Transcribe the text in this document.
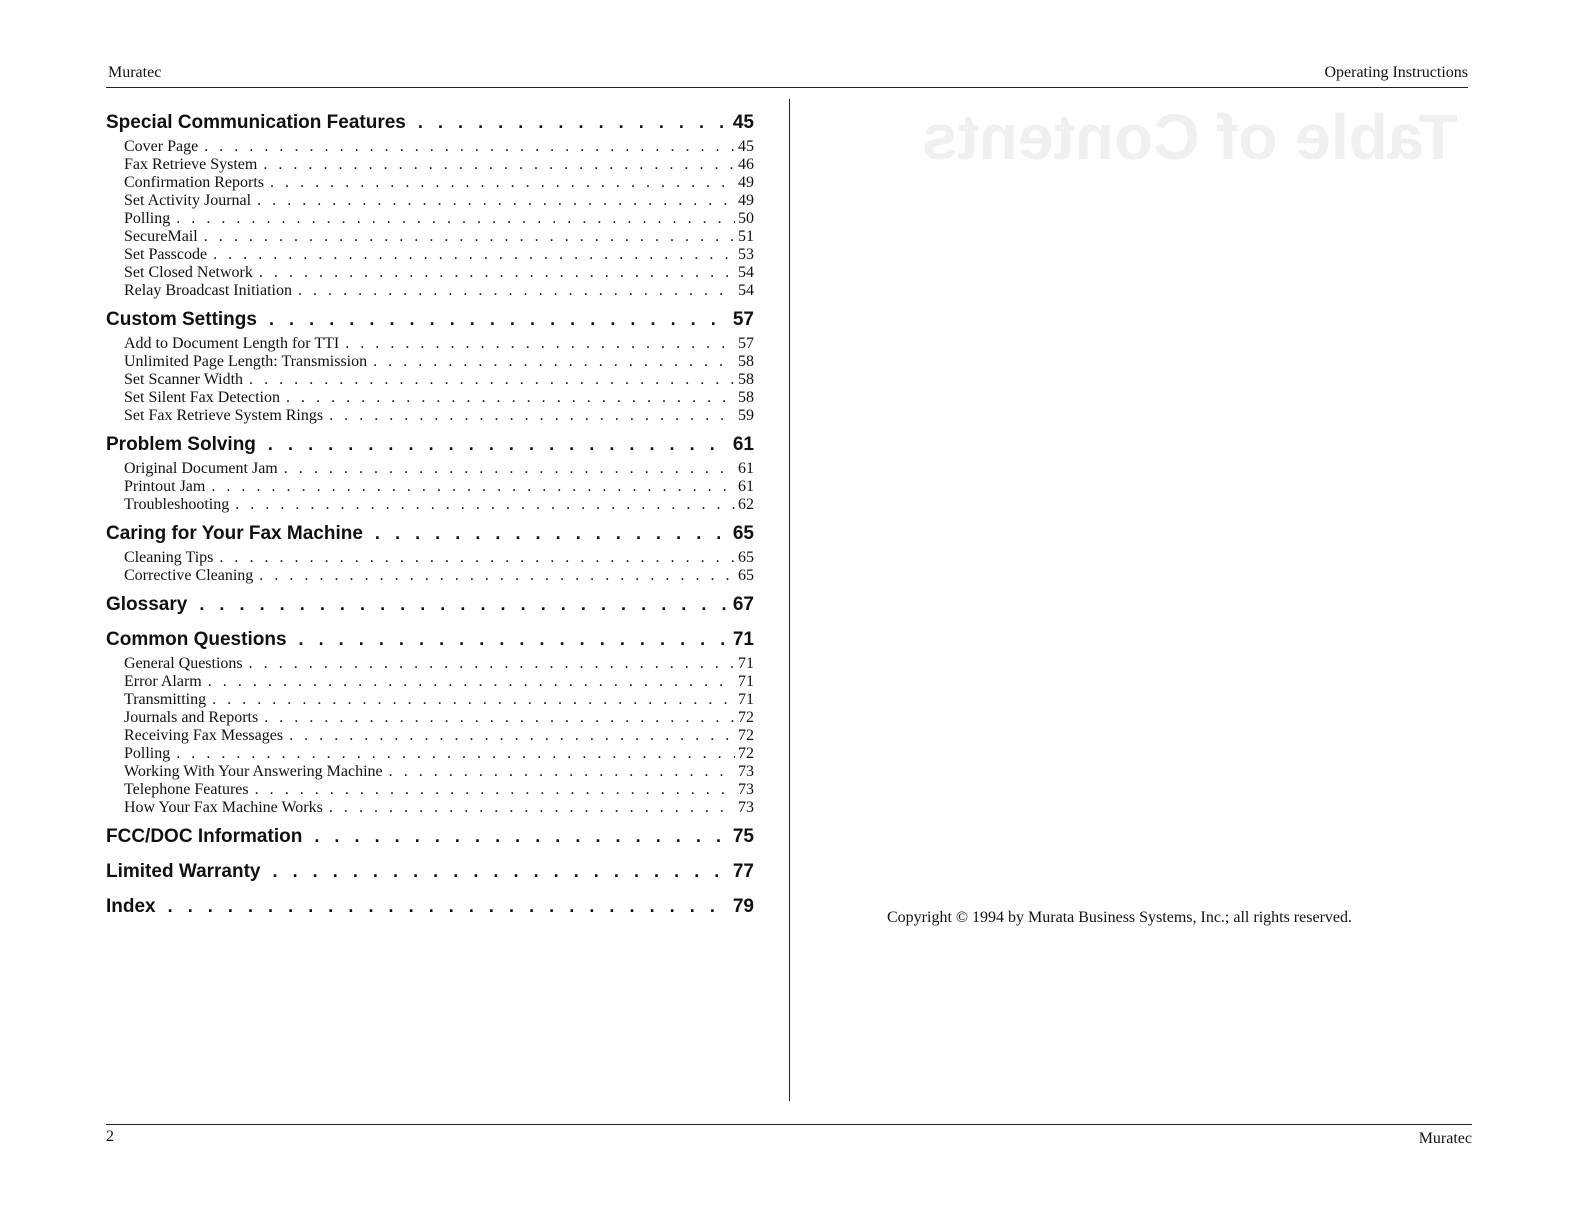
Table of Contents
Muratec	Operating Instructions
Special Communication Features . . .	45
Cover Page . . .	45
Fax Retrieve System . . .	46
Confirmation Reports . . .	49
Set Activity Journal . . .	49
Polling . . .	50
SecureMail . . .	51
Set Passcode . . .	53
Set Closed Network . . .	54
Relay Broadcast Initiation . . .	54
Custom Settings . . .	57
Add to Document Length for TTI . . .	57
Unlimited Page Length: Transmission . . .	58
Set Scanner Width . . .	58
Set Silent Fax Detection . . .	58
Set Fax Retrieve System Rings . . .	59
Problem Solving . . .	61
Original Document Jam . . .	61
Printout Jam . . .	61
Troubleshooting . . .	62
Caring for Your Fax Machine . . .	65
Cleaning Tips . . .	65
Corrective Cleaning . . .	65
Glossary . . .	67
Common Questions . . .	71
General Questions . . .	71
Error Alarm . . .	71
Transmitting . . .	71
Journals and Reports . . .	72
Receiving Fax Messages . . .	72
Polling . . .	72
Working With Your Answering Machine . . .	73
Telephone Features . . .	73
How Your Fax Machine Works . . .	73
FCC/DOC Information . . .	75
Limited Warranty . . .	77
Index . . .	79
Copyright © 1994 by Murata Business Systems, Inc.; all rights reserved.
2	Muratec
